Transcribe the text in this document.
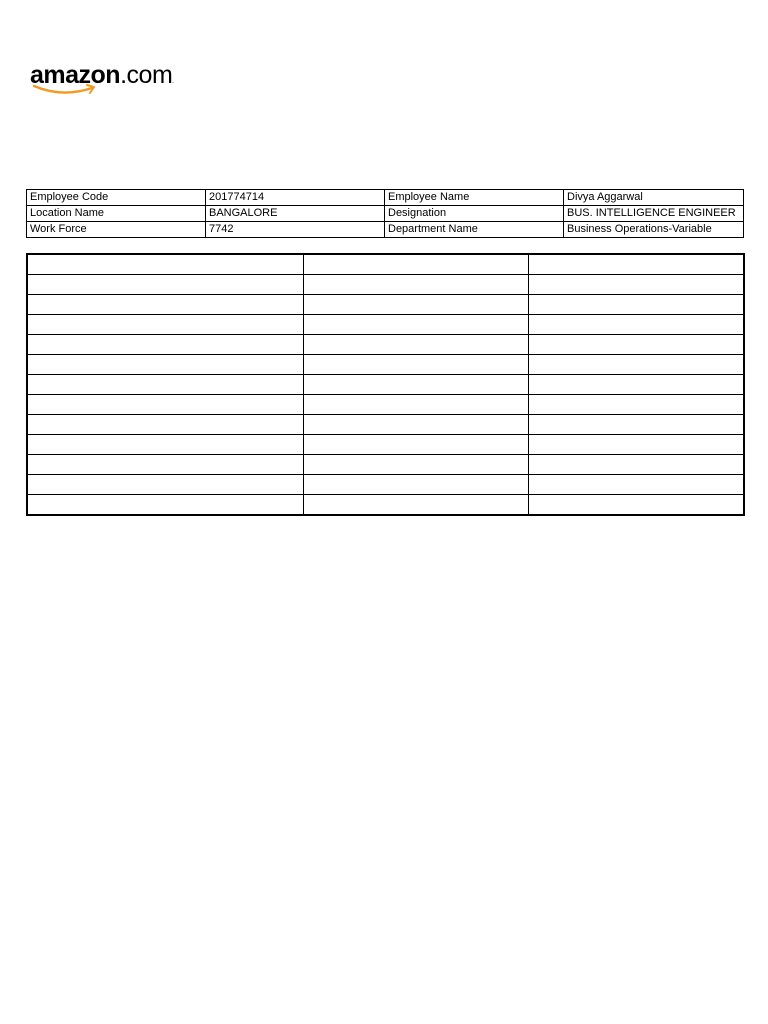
amazon.com.
Employee Code	201774714	Employee Name	Divya Aggarwal
Location Name	BANGALORE	Designation	BUS. INTELLIGENCE ENGINEER
Work Force	7742	Department Name	Business Operations-Variable
